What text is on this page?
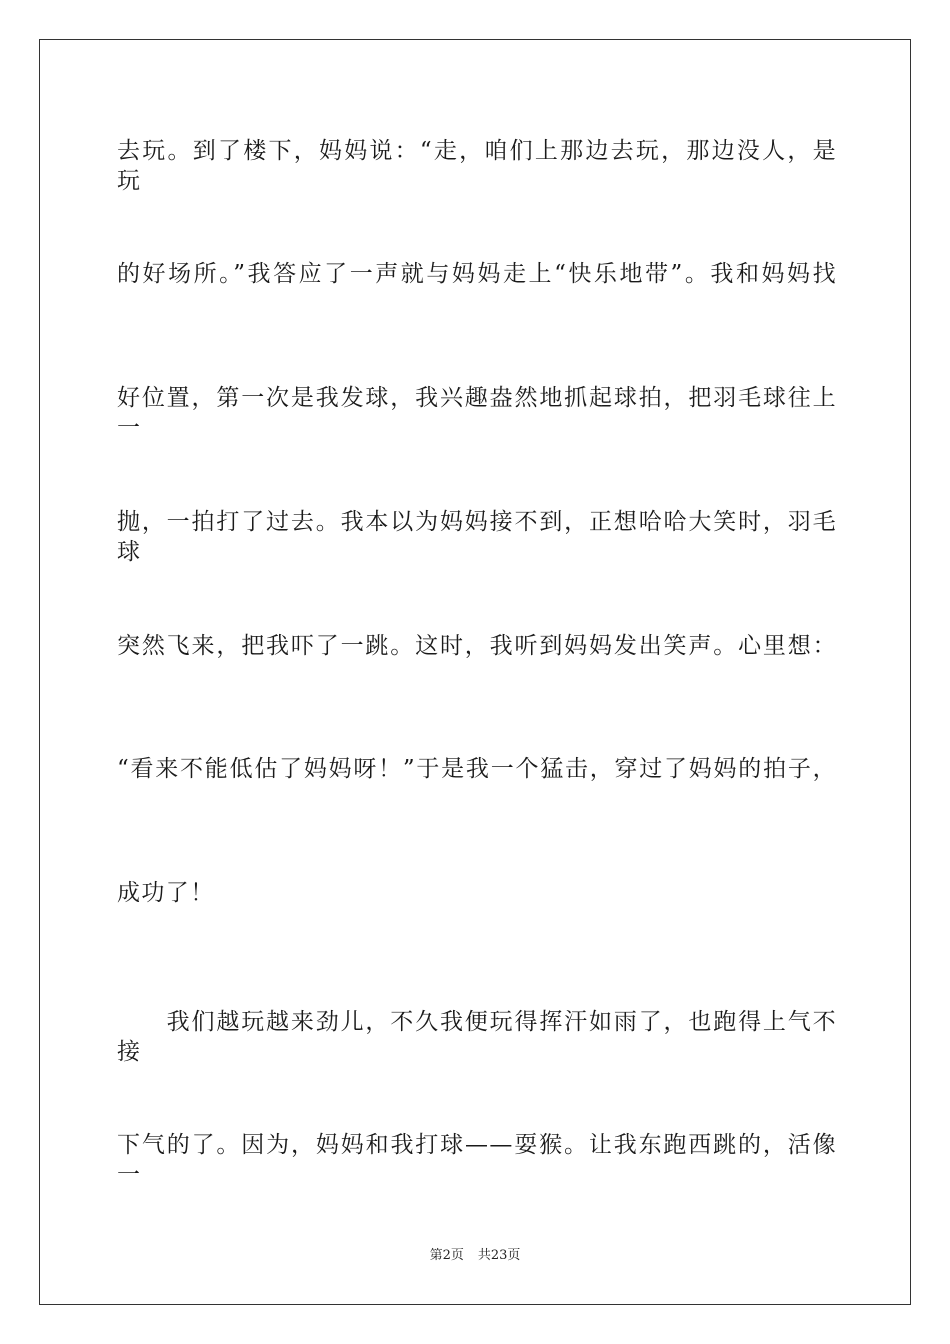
去玩。到了楼下，妈妈说：“走，咱们上那边去玩，那边没人，是玩
的好场所。”我答应了一声就与妈妈走上“快乐地带”。我和妈妈找
好位置，第一次是我发球，我兴趣盎然地抓起球拍，把羽毛球往上一
抛，一拍打了过去。我本以为妈妈接不到，正想哈哈大笑时，羽毛球
突然飞来，把我吓了一跳。这时，我听到妈妈发出笑声。心里想：
“看来不能低估了妈妈呀！”于是我一个猛击，穿过了妈妈的拍子，
成功了！
　　我们越玩越来劲儿，不久我便玩得挥汗如雨了，也跑得上气不接
下气的了。因为，妈妈和我打球——耍猴。让我东跑西跳的，活像一
第2页 共23页
